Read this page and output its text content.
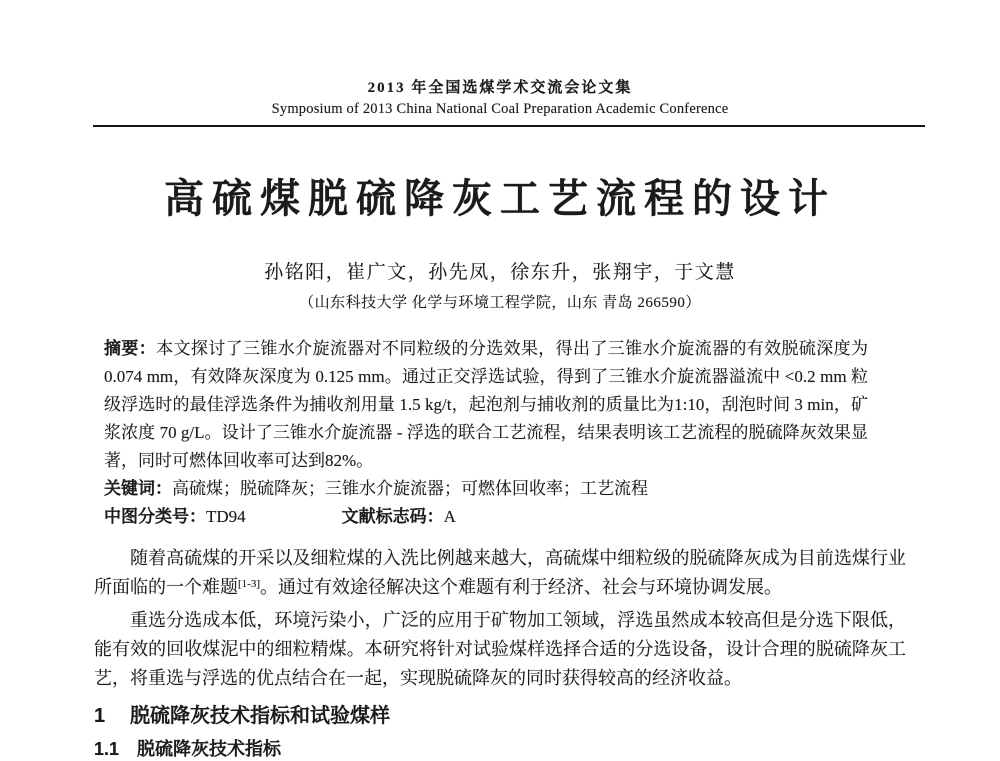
2013 年全国选煤学术交流会论文集
Symposium of 2013 China National Coal Preparation Academic Conference
高硫煤脱硫降灰工艺流程的设计
孙铭阳，崔广文，孙先凤，徐东升，张翔宇，于文慧
（山东科技大学 化学与环境工程学院，山东 青岛 266590）

摘要：本文探讨了三锥水介旋流器对不同粒级的分选效果，得出了三锥水介旋流器的有效脱硫深度为 0.074 mm，有效降灰深度为 0.125 mm。通过正交浮选试验，得到了三锥水介旋流器溢流中 <0.2 mm 粒级浮选时的最佳浮选条件为捕收剂用量 1.5 kg/t，起泡剂与捕收剂的质量比为1:10，刮泡时间 3 min，矿浆浓度 70 g/L。设计了三锥水介旋流器 - 浮选的联合工艺流程，结果表明该工艺流程的脱硫降灰效果显著，同时可燃体回收率可达到82%。

关键词：高硫煤；脱硫降灰；三锥水介旋流器；可燃体回收率；工艺流程

中图分类号：TD94	文献标志码：A

随着高硫煤的开采以及细粒煤的入洗比例越来越大，高硫煤中细粒级的脱硫降灰成为目前选煤行业所面临的一个难题[1-3]。通过有效途径解决这个难题有利于经济、社会与环境协调发展。

重选分选成本低，环境污染小，广泛的应用于矿物加工领域，浮选虽然成本较高但是分选下限低，能有效的回收煤泥中的细粒精煤。本研究将针对试验煤样选择合适的分选设备，设计合理的脱硫降灰工艺，将重选与浮选的优点结合在一起，实现脱硫降灰的同时获得较高的经济收益。

1 脱硫降灰技术指标和试验煤样
1.1 脱硫降灰技术指标
